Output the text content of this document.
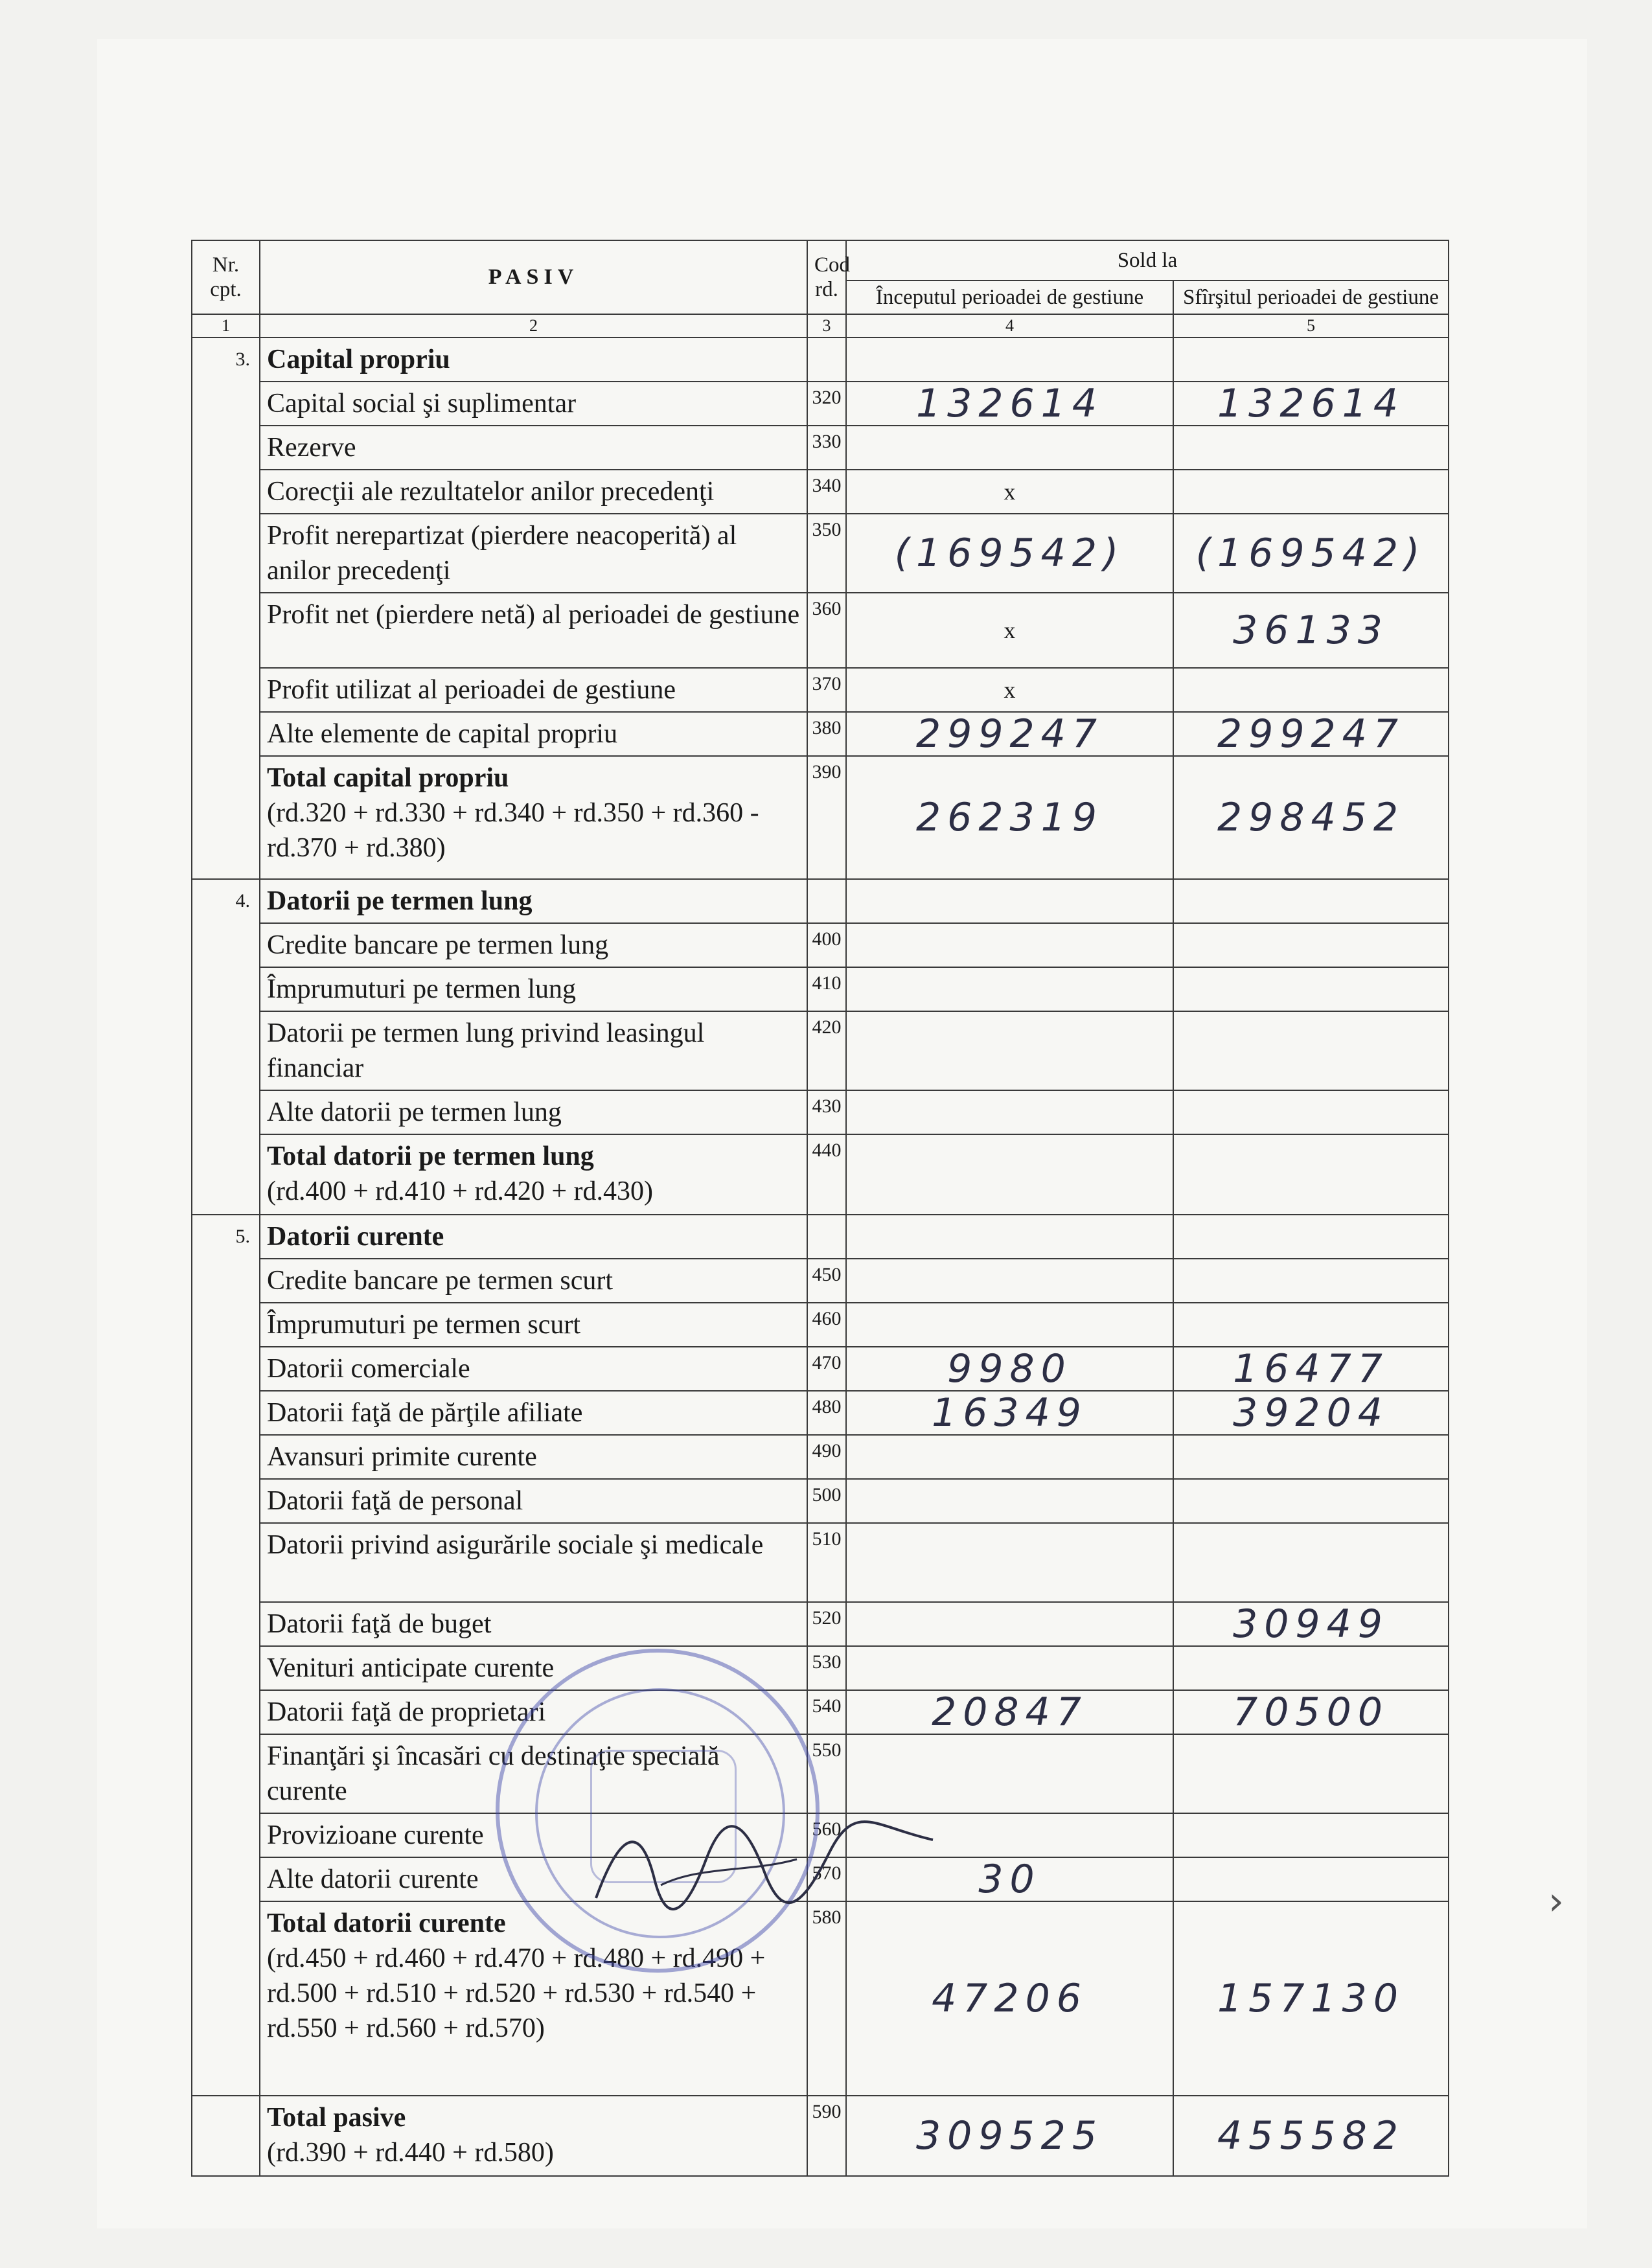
Nr. cpt.	PASIV	Cod rd.	Sold la	
			Începutul perioadei de gestiune	Sfîrşitul perioadei de gestiune
1	2	3	4	5
3.	Capital propriu			
	Capital social şi suplimentar	320	132614	132614
	Rezerve	330		
	Corecţii ale rezultatelor anilor precedenţi	340	x	
	Profit nerepartizat (pierdere neacoperită) al anilor precedenţi	350	(169542)	(169542)
	Profit net (pierdere netă) al perioadei de gestiune	360	x	36133
	Profit utilizat al perioadei de gestiune	370	x	
	Alte elemente de capital propriu	380	299247	299247

	Total capital propriu
(rd.320 + rd.330 + rd.340 + rd.350 + rd.360 - rd.370 + rd.380)	390	262319	298452
4.	Datorii pe termen lung			
	Credite bancare pe termen lung	400		
	Împrumuturi pe termen lung	410		
	Datorii pe termen lung privind leasingul financiar	420		
	Alte datorii pe termen lung	430		

	Total datorii pe termen lung
(rd.400 + rd.410 + rd.420 + rd.430)	440		
5.	Datorii curente			
	Credite bancare pe termen scurt	450		
	Împrumuturi pe termen scurt	460		
	Datorii comerciale	470	9980	16477
	Datorii faţă de părţile afiliate	480	16349	39204
	Avansuri primite curente	490		
	Datorii faţă de personal	500		
	Datorii privind asigurările sociale şi medicale	510		
	Datorii faţă de buget	520		30949
	Venituri anticipate curente	530		
	Datorii faţă de proprietari	540	20847	70500
	Finanţări şi încasări cu destinaţie specială curente	550		
	Provizioane curente	560		
	Alte datorii curente	570	30	

	Total datorii curente
(rd.450 + rd.460 + rd.470 + rd.480 + rd.490 + rd.500 + rd.510 + rd.520 + rd.530 + rd.540 + rd.550 + rd.560 + rd.570)	580	47206	157130

	Total pasive
(rd.390 + rd.440 + rd.580)	590	309525	455582
›
